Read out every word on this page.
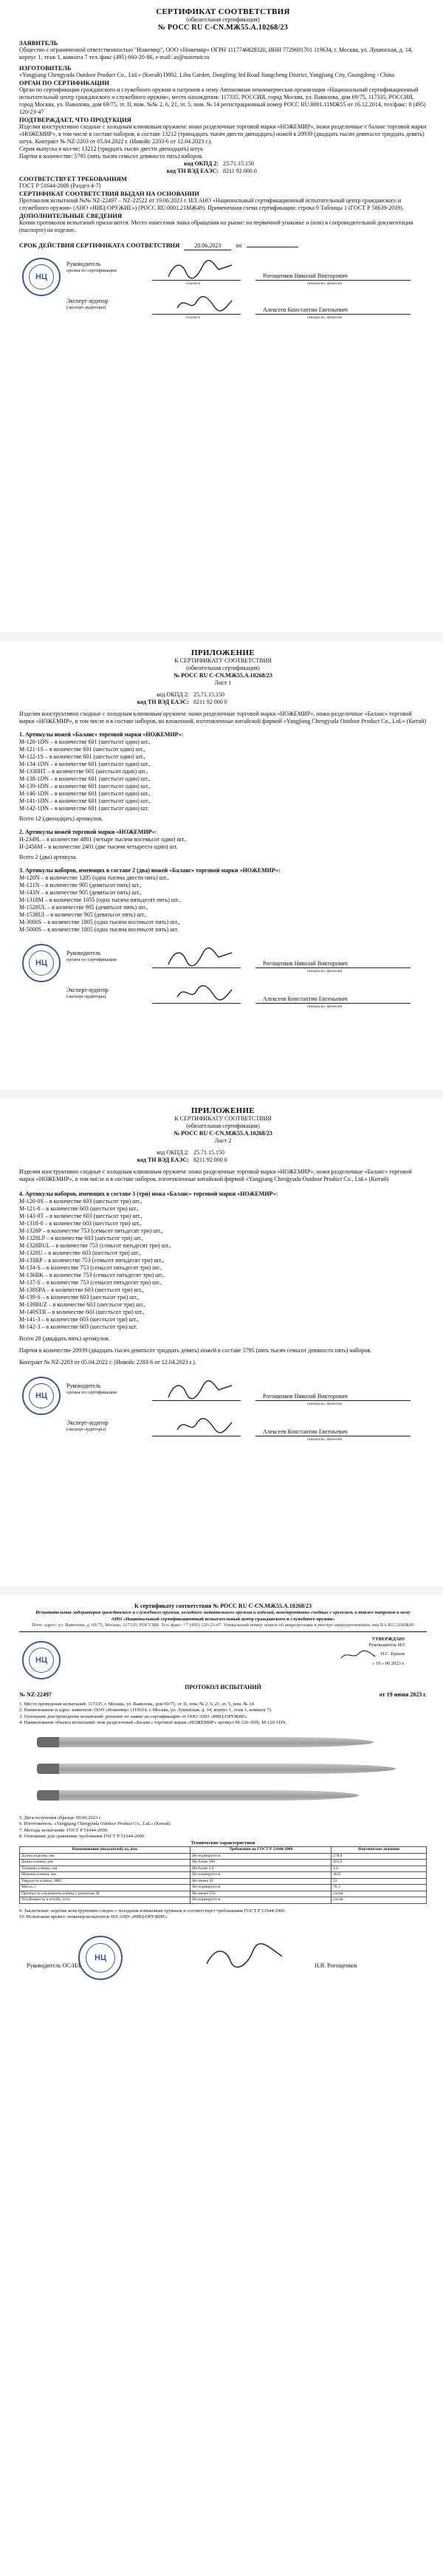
СЕРТИФИКАТ СООТВЕТСТВИЯ
(обязательная сертификация)
№ РОСС RU С-CN.МЖ55.А.10268/23
ЗАЯВИТЕЛЬ

Общество с ограниченной ответственностью "Ножемир", ООО «Ножемир» ОГРН 1117746828320, ИНН 7729691701 119634, г. Москва, ул. Лукинская, д. 14, корпус 1, этаж 1, комната 7 тел./факс (495) 660-20-86, e-mail: as@nozemir.ru

ИЗГОТОВИТЕЛЬ

«Yangjiang Chengyuda Outdoor Product Co., Ltd.» (Китай) D802, Libu Garden, Dongfeng 3rd Road Jiangcheng District, Yangjiang City, Guangdong - China

ОРГАН ПО СЕРТИФИКАЦИИ

Орган по сертификации гражданского и служебного оружия и патронов к нему Автономная некоммерческая организация «Национальный сертификационный испытательный центр гражданского и служебного оружия», место нахождения: 117335, РОССИЯ, город Москва, ул. Вавилова, дом 69/75, 117335, РОССИЯ, город Москва, ул. Вавилова, дом 69/75, эт. II, пом. №№ 2, 6, 21, эт. 5, пом. № 14 регистрационный номер РОСС RU.0001.11МЖ55 от 16.12.2014, тел/факс: 8 (495) 120-23-47

ПОДТВЕРЖДАЕТ, ЧТО ПРОДУКЦИЯ

Изделия конструктивно сходные с холодным клинковым оружием: ножи разделочные торговой марки «НОЖЕМИР», ножи разделочные с баланс торговой марки «НОЖЕМИР», в том числе в составе наборов, в составе 13212 (тринадцать тысяч двести двенадцать) ножей в 20939 (двадцать тысяч девятьсот тридцать девять) штук. Контракт № NZ-2203 от 05.04.2022 г. (Инвойс 2203-6 от 12.04.2023 г.).

Серия выпуска в кол-ве: 13212 (тридцать тысяч двести двенадцать) штук

Партия в количестве: 5795 (пять тысяч семьсот девяносто пять) наборов.

код ОКПД 2: 25.71.15.150
код ТН ВЭД ЕАЭС: 8211 92 000 0
СООТВЕТСТВУЕТ ТРЕБОВАНИЯМ

ГОСТ Р 51644-2000 (Раздел 4-7)

СЕРТИФИКАТ СООТВЕТСТВИЯ ВЫДАН НА ОСНОВАНИИ

Протоколов испытаний №№ NZ-22497 – NZ-22522 от 19.06.2023 г. ИЛ АНО «Национальный сертификационный испытательный центр гражданского и служебного оружия» (АНО «НИЦ-ОРУЖИЕ») (РОСС RU.0001.21МЖ49). Примененная схема сертификации: строка 9 Таблицы 1 (ГОСТ Р 58639-2019).

ДОПОЛНИТЕЛЬНЫЕ СВЕДЕНИЯ

Копии протоколов испытаний прилагаются. Место нанесения знака обращения на рынке: на первичной упаковке и (или) в сопроводительной документации (паспорте) на изделие.

СРОК ДЕЙСТВИЯ СЕРТИФИКАТА СООТВЕТСТВИЯ	20.06.2023	по
НЦ
Руководитель
органа по сертификации
подпись
Рогощенков Николай Викторович
инициалы, фамилия
Эксперт-аудитор
(эксперт-аудиторы)
подпись
Алексеев Константин Евгеньевич
инициалы, фамилия
ПРИЛОЖЕНИЕ
К СЕРТИФИКАТУ СООТВЕТСТВИЯ
(обязательная сертификация)
№ РОСС RU С-CN.МЖ55.А.10268/23
Лист 1
код ОКПД 2: 25.71.15.150
код ТН ВЭД ЕАЭС: 8211 92 000 0

Изделия конструктивно сходные с холодным клинковым оружием: ножи разделочные торговой марки «НОЖЕМИР», ножи разделочные «Баланс» торговой марки «НОЖЕМИР», в том числе и в составе наборов, во вложенной, изготовленные китайской фирмой «Yangjiang Chengyuda Outdoor Product Co., Ltd.» (Китай)

1. Артикулы ножей «Баланс» торговой марки «НОЖЕМИР»:

М-120-1DN – в количестве 601 (шестьсот один) шт.,

М-121-1S – в количестве 601 (шестьсот один) шт.,

М-122-1S – в количестве 601 (шестьсот один) шт.,

М-134-1DN – в количестве 601 (шестьсот один) шт.,

М-1330HT – в количестве 601 (шестьсот один) шт.,

М-138-1DN – в количестве 601 (шестьсот один) шт.,

М-139-1DN – в количестве 601 (шестьсот один) шт.,

М-140-1DN – в количестве 601 (шестьсот один) шт.,

М-141-1DN – в количестве 601 (шестьсот один) шт.,

М-142-1DN – в количестве 601 (шестьсот один) шт.

Всего 12 (двенадцать) артикулов.

2. Артикулы ножей торговой марки «НОЖЕМИР»:

H-2349L – в количестве 4801 (четыре тысячи восемьсот один) шт.,

H-2456M – в количестве 2401 (две тысячи четыреста один) шт.

Всего 2 (два) артикула.

3. Артикулы наборов, имеющих в составе 2 (два) ножей «Баланс» торговой марки «НОЖЕМИР»:

М-120N – в количестве 1205 (одна тысяча двести пять) шт.,

М-121N – в количестве 905 (девятьсот пять) шт.,

М-143N – в количестве 905 (девятьсот пять) шт.,

М-1318M – в количестве 1055 (одна тысяча пятьдесят пять) шт.,

М-1528UL – в количестве 905 (девятьсот пять) шт.,

М-1538UI – в количестве 905 (девятьсот пять) шт.,

М-3000S – в количестве 1805 (одна тысяча восемьсот пять) шт.,

М-5000S – в количестве 1805 (одна тысяча восемьсот пять) шт.

НЦ
Руководитель
органа по сертификации
Рогощенков Николай Викторович
инициалы, фамилия
Эксперт-аудитор
(эксперт-аудиторы)	Алексеев Константин Евгеньевич
инициалы, фамилия
ПРИЛОЖЕНИЕ
К СЕРТИФИКАТУ СООТВЕТСТВИЯ
(обязательная сертификация)
№ РОСС RU С-CN.МЖ55.А.10268/23
Лист 2
код ОКПД 2: 25.71.15.150
код ТН ВЭД ЕАЭС: 8211 92 000 0

Изделия конструктивно сходные с холодным клинковым оружием: ножи разделочные торговой марки «НОЖЕМИР», ножи разделочные «Баланс» торговой марки «НОЖЕМИР», в том числе и в составе наборов, изготовленные китайской фирмой «Yangjiang Chengyuda Outdoor Product Co., Ltd.» (Китай)

4. Артикулы наборов, имеющих в составе 3 (три) ножа «Баланс» торговой марки «НОЖЕМИР»:

М-120-0S – в количестве 603 (шестьсот три) шт.,

М-121-0 – в количестве 603 (шестьсот три) шт.,

М-143-0T – в количестве 603 (шестьсот три) шт.,

М-1318-0 – в количестве 603 (шестьсот три) шт.,

М-1328P – в количестве 753 (семьсот пятьдесят три) шт.,

М-1328LP – в количестве 603 (шестьсот три) шт.,

М-1328BUL – в количестве 753 (семьсот пятьдесят три) шт.,

М-1328U – в количестве 603 (шестьсот три) шт.,

М-133RP – в количестве 753 (семьсот пятьдесят три) шт.,

М-134-S – в количестве 753 (семьсот пятьдесят три) шт.,

М-136BK – в количестве 753 (семьсот пятьдесят три) шт.,

М-137-S – в количестве 753 (семьсот пятьдесят три) шт.,

М-138SPA – в количестве 603 (шестьсот три) шт.,

М-139-S – в количестве 603 (шестьсот три) шт.,

М-139BUZ – в количестве 603 (шестьсот три) шт.,

М-140STR – в количестве 603 (шестьсот три) шт.,

М-141-3 – в количестве 603 (шестьсот три) шт.,

М-142-3 – в количестве 603 (шестьсот три) шт.

Всего 20 (двадцать пять) артикулов.

Партия в количестве 20939 (двадцать тысяч девятьсот тридцать девять) ножей в составе 5795 (пять тысяч семьсот девяносто пять) наборов.

Контракт № NZ-2203 от 05.04.2022 г. (Инвойс 2203-6 от 12.04.2023 г.).

НЦ
Руководитель
органа по сертификации
Рогощенков Николай Викторович
инициалы, фамилия
Эксперт-аудитор
(эксперт-аудиторы)	Алексеев Константин Евгеньевич
инициалы, фамилия
К сертификату соответствия № РОСС RU С-CN.МЖ55.А.10268/23
Испытательная лаборатория гражданского и служебного оружия, холодного метательного оружия и изделий, конструктивно сходных с оружием, а также патронов к нему
АНО «Национальный сертификационный испытательный центр гражданского и служебного оружия»
Почт. адрес: ул. Вавилова, д. 69/75, Москва, 117335, РОССИЯ. Тел./факс: +7 (495) 120-23-47. Уникальный номер записи об аккредитации в реестре аккредитованных лиц RA.RU.21МЖ49
НЦ
УТВЕРЖДАЮ
Руководитель ИЛ
Н.С. Ершов
« 19 » 06 2023 г.
ПРОТОКОЛ ИСПЫТАНИЙ
№ NZ-22497	от 19 июня 2023 г.
1. Место проведения испытаний: 117335, г. Москва, ул. Вавилова, дом 69/75, эт. II, пом. № 2, 6, 21, эт. 5, пом. № 14
2. Наименование и адрес заявителя: ООО «Ножемир» (119634, г. Москва, ул. Лукинская, д. 14, корпус 1, этаж 1, комната 7).
3. Основание для проведения испытаний: решение по заявке на сертификацию от ООО АНО «НИЦ-ОРУЖИЕ»
4. Наименование объекта испытаний: нож разделочный «Баланс» торговой марки «НОЖЕМИР» артикул М-120-1DN, М-120-1DN.
5. Дата получения образца: 09.06.2023 г.
6. Изготовитель: «Yangjiang Chengyuda Outdoor Product Co., Ltd.» (Китай).
7. Методы испытаний: ГОСТ Р 51644-2000.
8. Основание для сравнения: требования ГОСТ Р 51644-2000.
Технические характеристики
Наименование показателей, ед. изм.	Требования по ГОСТ Р 51644-2000	Фактическое значение
Длина изделия, мм	Не нормируется	278,8
Длина клинка, мм	Не более 300	165,0
Толщина клинка, мм	Не более 2,6	1,8
Ширина клинка, мм	Не нормируется	36,8
Твердость клинка, HRC	Не менее 42	53
Масса, г	Не нормируется	78,3
Прочность соединения клинка с рукоятью, Н	Не менее 250	соотв.
Устойчивость к изгибу, угол	Не нормируется	соотв.
9. Заключение: изделие конструктивно сходно с холодным клинковым оружием и соответствует требованиям ГОСТ Р 51644-2000.
10. Испытания провел: инженер-испытатель ИЛ АНО «НИЦ-ОРУЖИЕ»
НЦ
Руководитель ОС/ИЛ	Н.В. Рогощенков
